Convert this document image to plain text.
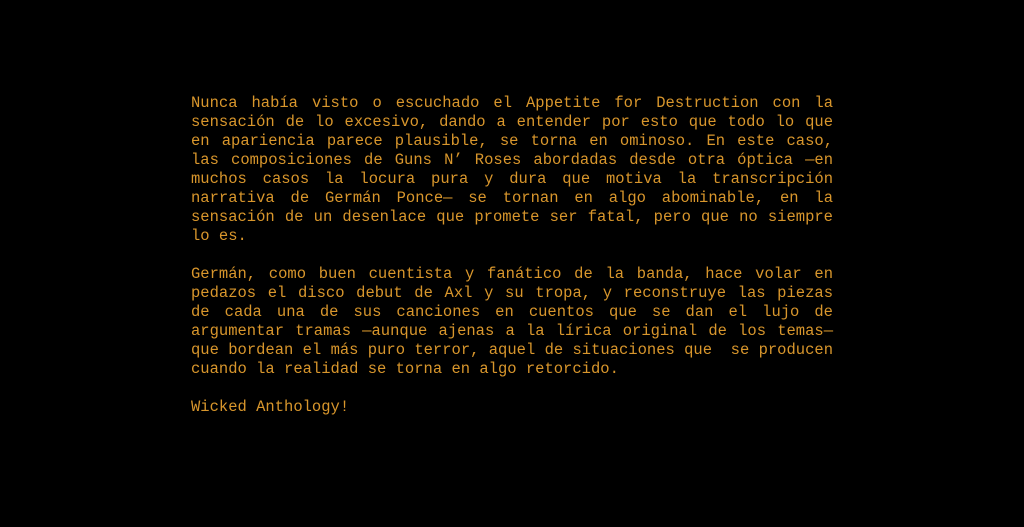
Nunca había visto o escuchado el Appetite for Destruction con la
sensación de lo excesivo, dando a entender por esto que todo lo que
en apariencia parece plausible, se torna en ominoso. En este caso,
las composiciones de Guns N’ Roses abordadas desde otra óptica —en
muchos casos la locura pura y dura que motiva la transcripción
narrativa de Germán Ponce— se tornan en algo abominable, en la
sensación de un desenlace que promete ser fatal, pero que no siempre
lo es.
Germán, como buen cuentista y fanático de la banda, hace volar en
pedazos el disco debut de Axl y su tropa, y reconstruye las piezas
de cada una de sus canciones en cuentos que se dan el lujo de
argumentar tramas —aunque ajenas a la lírica original de los temas—
que bordean el más puro terror, aquel de situaciones que  se producen
cuando la realidad se torna en algo retorcido.
Wicked Anthology!
